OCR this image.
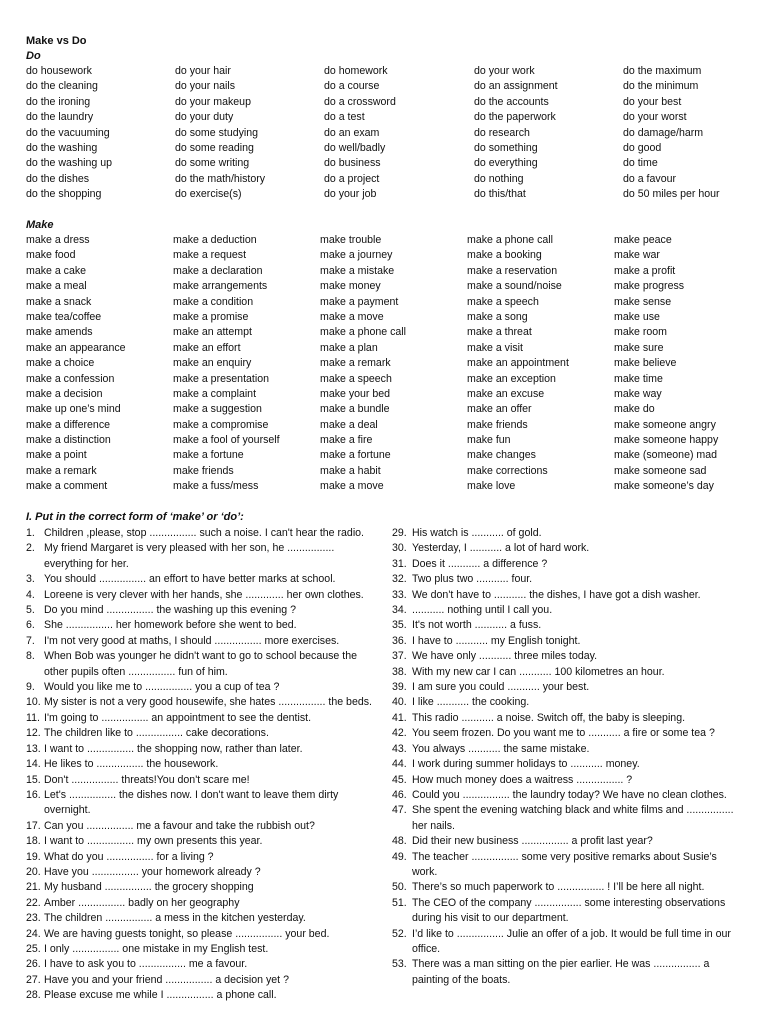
Make vs Do
Do
do housework
do the cleaning
do the ironing
do the laundry
do the vacuuming
do the washing
do the washing up
do the dishes
do the shopping
do your hair
do your nails
do your makeup
do your duty
do some studying
do some reading
do some writing
do the math/history
do exercise(s)
do homework
do a course
do a crossword
do a test
do an exam
do well/badly
do business
do a project
do your job
do your work
do an assignment
do the accounts
do the paperwork
do research
do something
do everything
do nothing
do this/that
do the maximum
do the minimum
do your best
do your worst
do damage/harm
do good
do time
do a favour
do 50 miles per hour
Make
make a dress
make food
make a cake
make a meal
make a snack
make tea/coffee
make amends
make an appearance
make a choice
make a confession
make a decision
make up one’s mind
make a difference
make a distinction
make a point
make a remark
make a comment
make a deduction
make a request
make a declaration
make arrangements
make a condition
make a promise
make an attempt
make an effort
make an enquiry
make a presentation
make a complaint
make a suggestion
make a compromise
make a fool of yourself
make a fortune
make friends
make a fuss/mess
make trouble
make a journey
make a mistake
make money
make a payment
make a move
make a phone call
make a plan
make a remark
make a speech
make your bed
make a bundle
make a deal
make a fire
make a fortune
make a habit
make a move
make a phone call
make a booking
make a reservation
make a sound/noise
make a speech
make a song
make a threat
make a visit
make an appointment
make an exception
make an excuse
make an offer
make friends
make fun
make changes
make corrections
make love
make peace
make war
make a profit
make progress
make sense
make use
make room
make sure
make believe
make time
make way
make do
make someone angry
make someone happy
make (someone) mad
make someone sad
make someone’s day
I. Put in the correct form of ‘make’ or ‘do’:
1. Children ,please, stop ................ such a noise. I can't hear the radio.
2. My friend Margaret is very pleased with her son, he ................ everything for her.
3. You should ................ an effort to have better marks at school.
4. Loreene is very clever with her hands, she ............. her own clothes.
5. Do you mind ................ the washing up this evening ?
6. She ................ her homework before she went to bed.
7. I'm not very good at maths, I should ................ more exercises.
8. When Bob was younger he didn't want to go to school because the other pupils often ................ fun of him.
9. Would you like me to ................ you a cup of tea ?
10. My sister is not a very good housewife, she hates ................ the beds.
11. I'm going to ................ an appointment to see the dentist.
12. The children like to ................ cake decorations.
13. I want to ................ the shopping now, rather than later.
14. He likes to ................ the housework.
15. Don't ................ threats!You don't scare me!
16. Let's ................ the dishes now. I don't want to leave them dirty overnight.
17. Can you ................ me a favour and take the rubbish out?
18. I want to ................ my own presents this year.
19. What do you ................ for a living ?
20. Have you ................ your homework already ?
21. My husband ................ the grocery shopping
22. Amber ................ badly on her geography
23. The children ................ a mess in the kitchen yesterday.
24. We are having guests tonight, so please ................ your bed.
25. I only ................ one mistake in my English test.
26. I have to ask you to ................ me a favour.
27. Have you and your friend ................ a decision yet ?
28. Please excuse me while I ................ a phone call.
29. His watch is ........... of gold.
30. Yesterday, I ........... a lot of hard work.
31. Does it ........... a difference ?
32. Two plus two ........... four.
33. We don't have to ........... the dishes, I have got a dish washer.
34. ........... nothing until I call you.
35. It's not worth ........... a fuss.
36. I have to ........... my English tonight.
37. We have only ........... three miles today.
38. With my new car I can ........... 100 kilometres an hour.
39. I am sure you could ........... your best.
40. I like ........... the cooking.
41. This radio ........... a noise. Switch off, the baby is sleeping.
42. You seem frozen. Do you want me to ........... a fire or some tea ?
43. You always ........... the same mistake.
44. I work during summer holidays to ........... money.
45. How much money does a waitress ................ ?
46. Could you ................ the laundry today? We have no clean clothes.
47. She spent the evening watching black and white films and ................ her nails.
48. Did their new business ................ a profit last year?
49. The teacher ................ some very positive remarks about Susie’s work.
50. There’s so much paperwork to ................ ! I’ll be here all night.
51. The CEO of the company ................ some interesting observations during his visit to our department.
52. I’d like to ................ Julie an offer of a job. It would be full time in our office.
53. There was a man sitting on the pier earlier. He was ................ a painting of the boats.
